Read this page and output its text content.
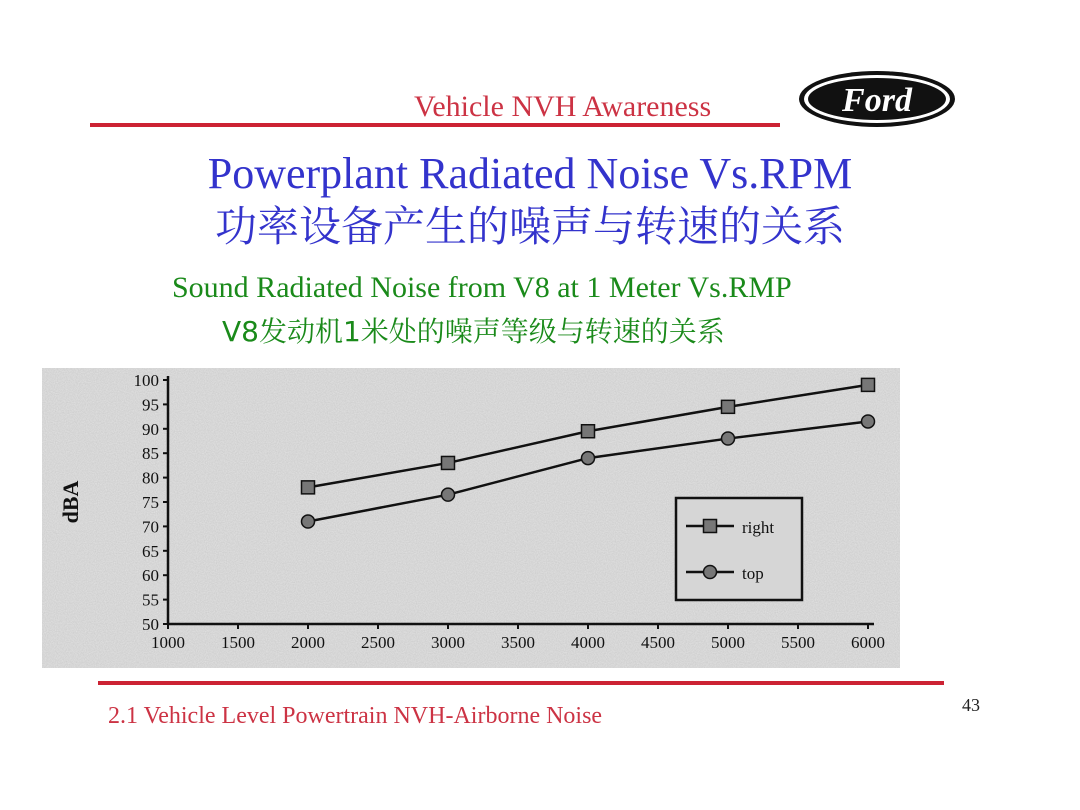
Vehicle NVH Awareness	Ford
Powerplant Radiated Noise Vs.RPM
功率设备产生的噪声与转速的关系
Sound Radiated Noise from V8 at 1 Meter Vs.RMP
V8发动机1米处的噪声等级与转速的关系
50
55
60
65
70
75
80
85
90
95
100
1000 1500 2000 2500 3000 3500 4000 4500 5000 5500 6000
dBA
right
top
2.1 Vehicle Level Powertrain NVH-Airborne Noise	43
